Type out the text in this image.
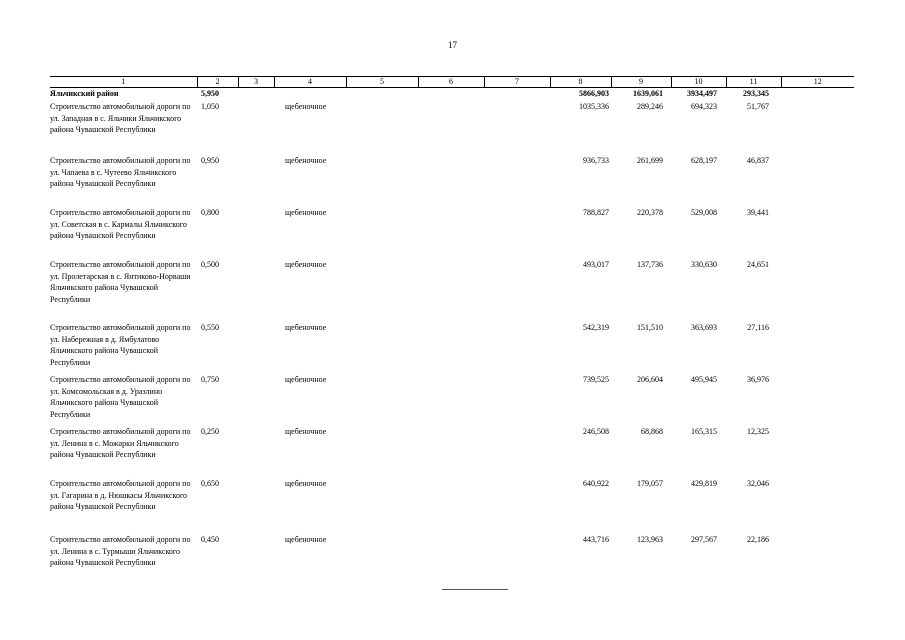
17
1	2	3	4	5	6	7	8	9	10	11	12
Яльчикский район	5,950						5866,903	1639,061	3934,497	293,345	
Строительство автомобильной дороги по ул. Западная в с. Яльчики Яльчикского района Чувашской Республики	1,050		щебеночное				1035,336	289,246	694,323	51,767	
Строительство автомобильной дороги по ул. Чапаева в с. Чутеево Яльчикского района Чувашской Республики	0,950		щебеночное				936,733	261,699	628,197	46,837	
Строительство автомобильной дороги по ул. Советская в с. Кармалы Яльчикского района Чувашской Республики	0,800		щебеночное				788,827	220,378	529,008	39,441	
Строительство автомобильной дороги по ул. Пролетарская в с. Янтиково-Норваши Яльчикского района Чувашской Республики	0,500		щебеночное				493,017	137,736	330,630	24,651	
Строительство автомобильной дороги по ул. Набережная в д. Ямбулатово Яльчикского района Чувашской Республики	0,550		щебеночное				542,319	151,510	363,693	27,116	
Строительство автомобильной дороги по ул. Комсомольская в д. Уразлино Яльчикского района Чувашской Республики	0,750		щебеночное				739,525	206,604	495,945	36,976	
Строительство автомобильной дороги по ул. Ленина в с. Можарки Яльчикского района Чувашской Республики	0,250		щебеночное				246,508	68,868	165,315	12,325	
Строительство автомобильной дороги по ул. Гагарина в д. Нюшкасы Яльчикского района Чувашской Республики	0,650		щебеночное				640,922	179,057	429,819	32,046	
Строительство автомобильной дороги по ул. Ленина в с. Турмыши Яльчикского района Чувашской Республики	0,450		щебеночное				443,716	123,963	297,567	22,186	
